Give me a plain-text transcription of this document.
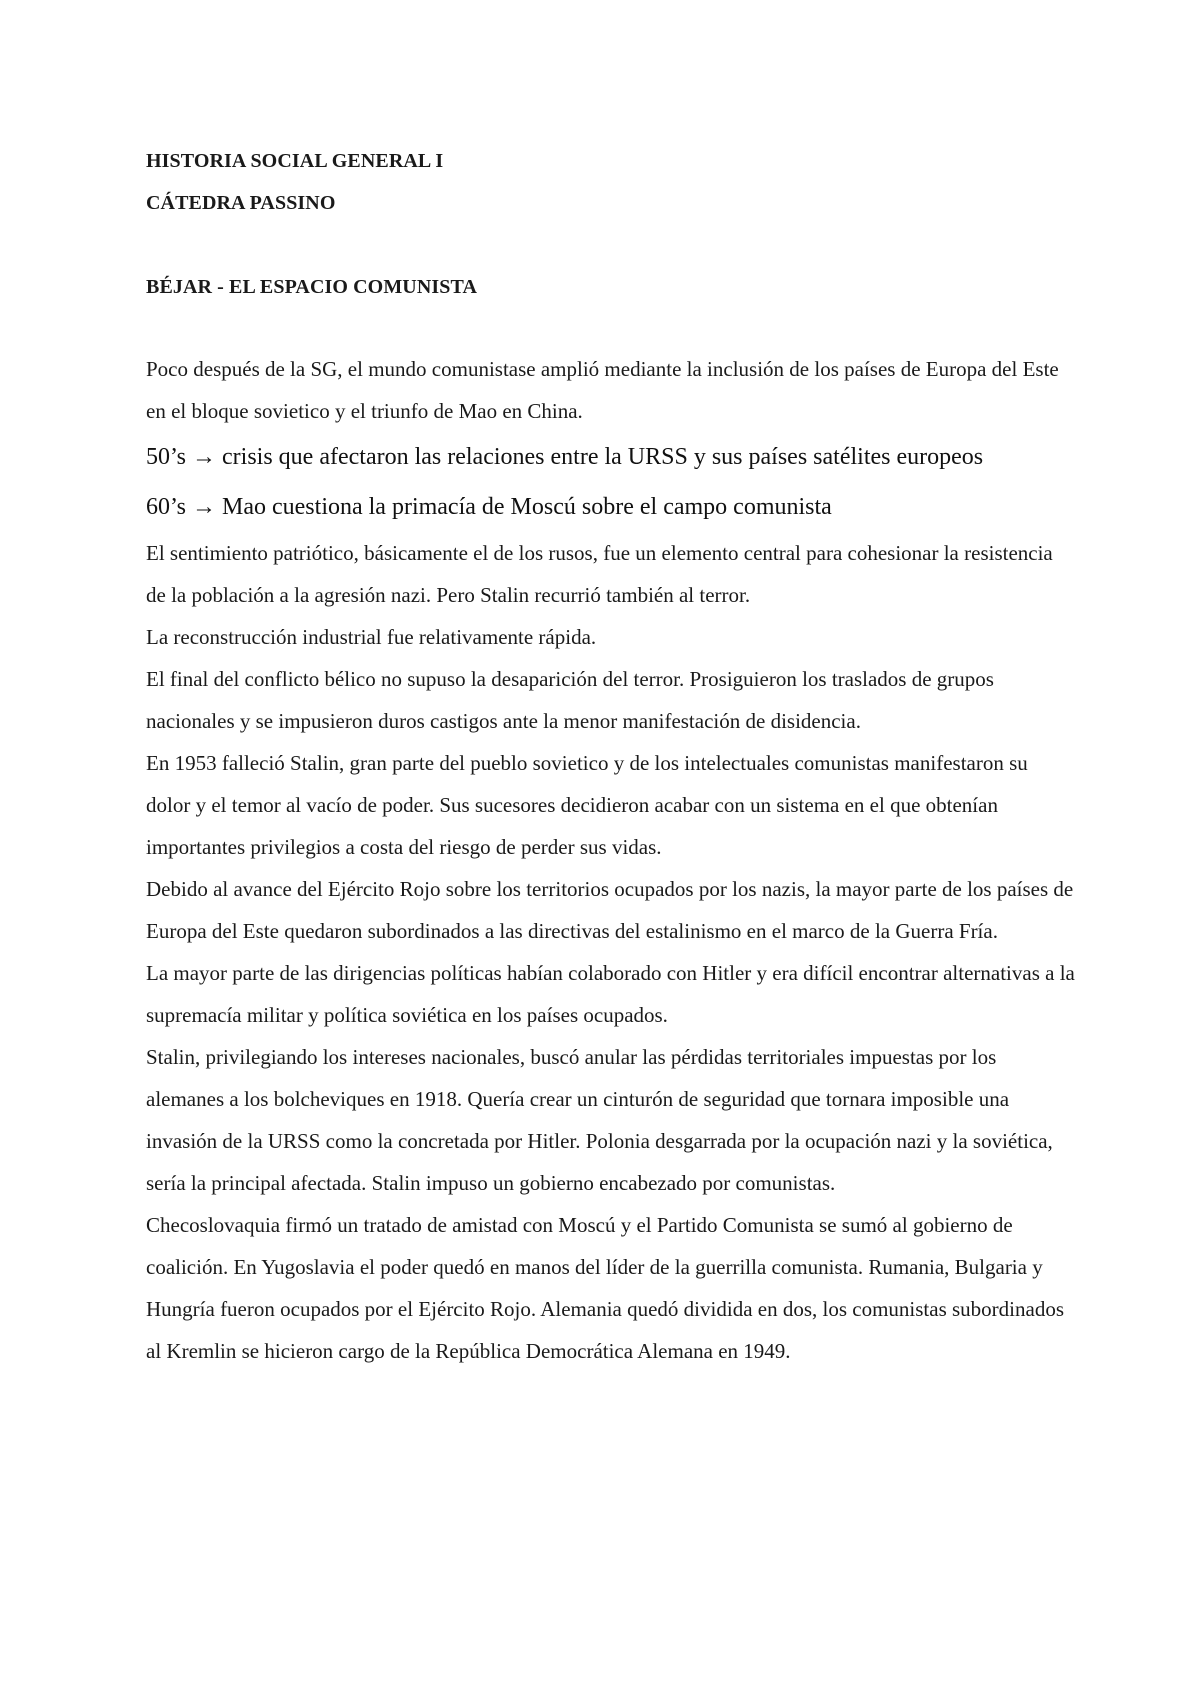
HISTORIA SOCIAL GENERAL I

CÁTEDRA PASSINO

BÉJAR - EL ESPACIO COMUNISTA

Poco después de la SG, el mundo comunistase amplió mediante la inclusión de los países de Europa del Este en el bloque sovietico y el triunfo de Mao en China.

50’s → crisis que afectaron las relaciones entre la URSS y sus países satélites europeos

60’s → Mao cuestiona la primacía de Moscú sobre el campo comunista

El sentimiento patriótico, básicamente el de los rusos, fue un elemento central para cohesionar la resistencia de la población a la agresión nazi. Pero Stalin recurrió también al terror.

La reconstrucción industrial fue relativamente rápida.

El final del conflicto bélico no supuso la desaparición del terror. Prosiguieron los traslados de grupos nacionales y se impusieron duros castigos ante la menor manifestación de disidencia.

En 1953 falleció Stalin, gran parte del pueblo sovietico y de los intelectuales comunistas manifestaron su dolor y el temor al vacío de poder. Sus sucesores decidieron acabar con un sistema en el que obtenían importantes privilegios a costa del riesgo de perder sus vidas.

Debido al avance del Ejército Rojo sobre los territorios ocupados por los nazis, la mayor parte de los países de Europa del Este quedaron subordinados a las directivas del estalinismo en el marco de la Guerra Fría.

La mayor parte de las dirigencias políticas habían colaborado con Hitler y era difícil encontrar alternativas a la supremacía militar y política soviética en los países ocupados.

Stalin, privilegiando los intereses nacionales, buscó anular las pérdidas territoriales impuestas por los alemanes a los bolcheviques en 1918. Quería crear un cinturón de seguridad que tornara imposible una invasión de la URSS como la concretada por Hitler. Polonia desgarrada por la ocupación nazi y la soviética, sería la principal afectada. Stalin impuso un gobierno encabezado por comunistas.

Checoslovaquia firmó un tratado de amistad con Moscú y el Partido Comunista se sumó al gobierno de coalición. En Yugoslavia el poder quedó en manos del líder de la guerrilla comunista. Rumania, Bulgaria y Hungría fueron ocupados por el Ejército Rojo. Alemania quedó dividida en dos, los comunistas subordinados al Kremlin se hicieron cargo de la República Democrática Alemana en 1949.
